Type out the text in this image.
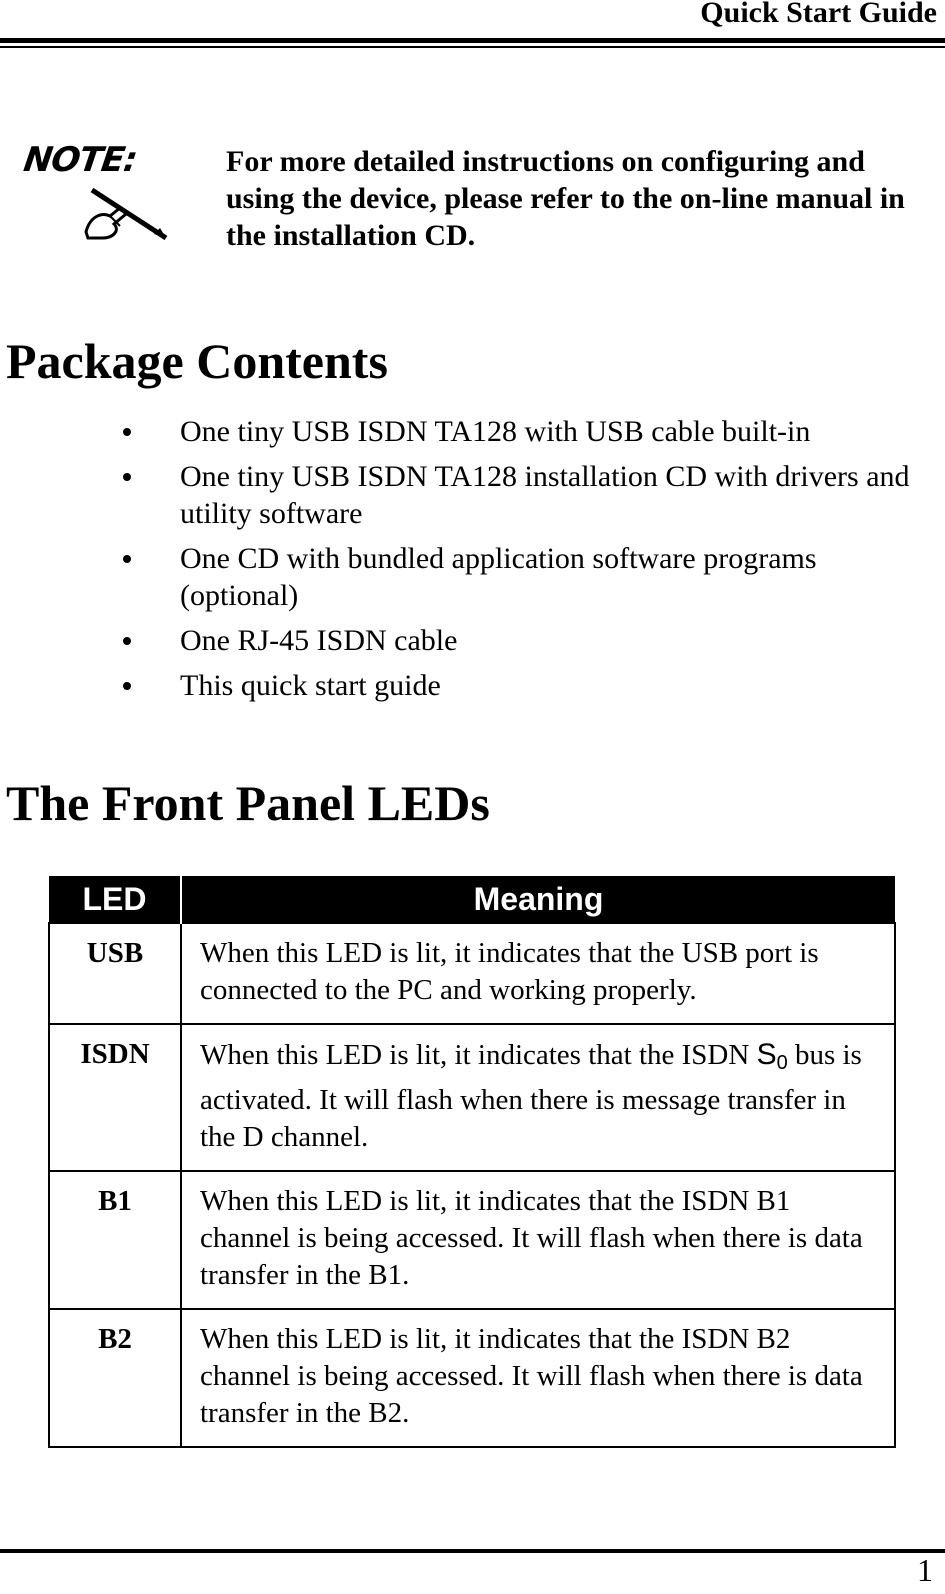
Quick Start Guide
NOTE:	For more detailed instructions on configuring and using the device, please refer to the on-line manual in the installation CD.
Package Contents
One tiny USB ISDN TA128 with USB cable built-in
One tiny USB ISDN TA128 installation CD with drivers and utility software
One CD with bundled application software programs (optional)
One RJ-45 ISDN cable
This quick start guide
The Front Panel LEDs
LED	Meaning
USB	When this LED is lit, it indicates that the USB port is connected to the PC and working properly.
ISDN	When this LED is lit, it indicates that the ISDN $S_0$ bus is activated. It will flash when there is message transfer in the D channel.
B1	When this LED is lit, it indicates that the ISDN B1 channel is being accessed. It will flash when there is data transfer in the B1.
B2	When this LED is lit, it indicates that the ISDN B2 channel is being accessed. It will flash when there is data transfer in the B2.
1
